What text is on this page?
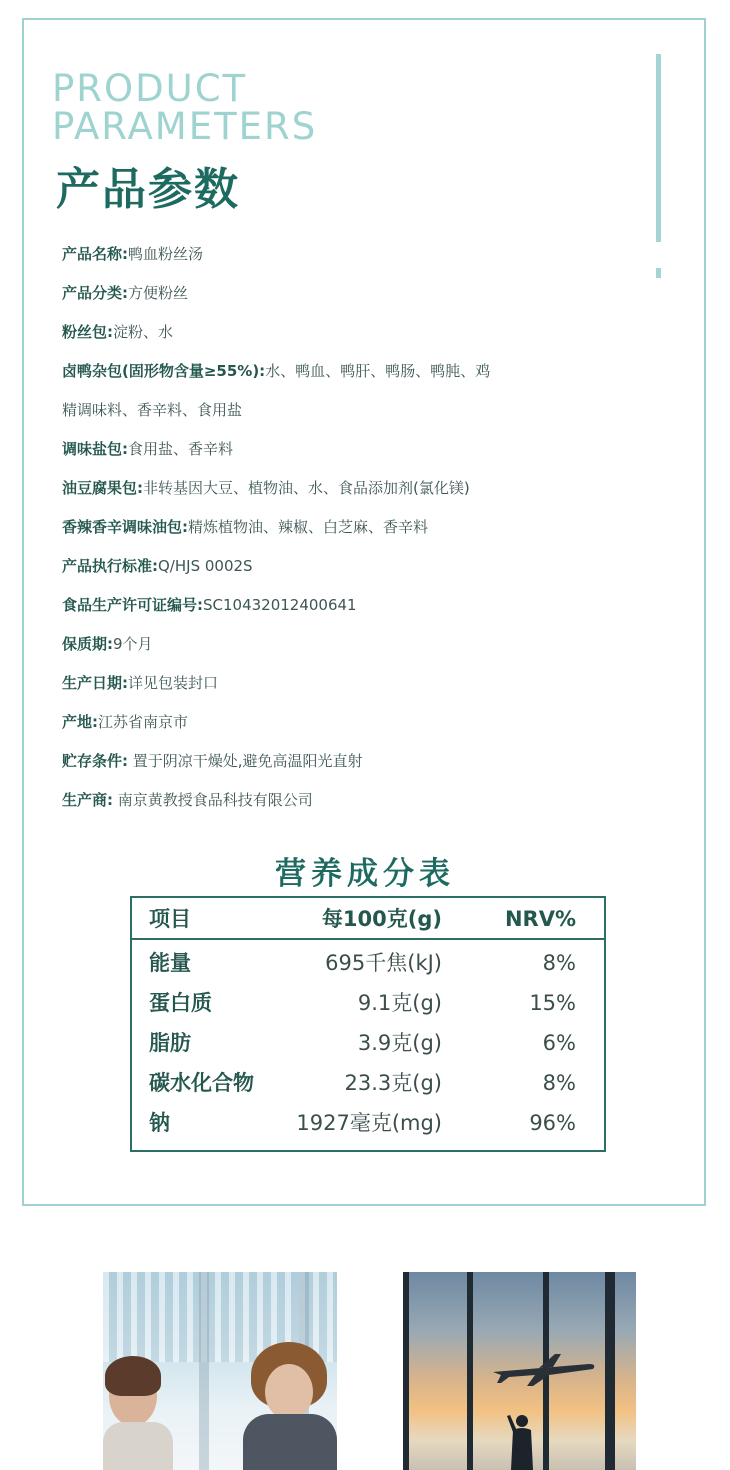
PRODUCT
PARAMETERS
产品参数
产品名称:鸭血粉丝汤
产品分类:方便粉丝
粉丝包:淀粉、水
卤鸭杂包(固形物含量≥55%):水、鸭血、鸭肝、鸭肠、鸭肫、鸡
精调味料、香辛料、食用盐
调味盐包:食用盐、香辛料
油豆腐果包:非转基因大豆、植物油、水、食品添加剂(氯化镁)
香辣香辛调味油包:精炼植物油、辣椒、白芝麻、香辛料
产品执行标准:Q/HJS 0002S
食品生产许可证编号:SC10432012400641
保质期:9个月
生产日期:详见包装封口
产地:江苏省南京市
贮存条件: 置于阴凉干燥处,避免高温阳光直射
生产商: 南京黄教授食品科技有限公司
营养成分表
项目	每100克(g)	NRV%
能量	695千焦(kJ)	8%
蛋白质	9.1克(g)	15%
脂肪	3.9克(g)	6%
碳水化合物	23.3克(g)	8%
钠	1927毫克(mg)	96%
